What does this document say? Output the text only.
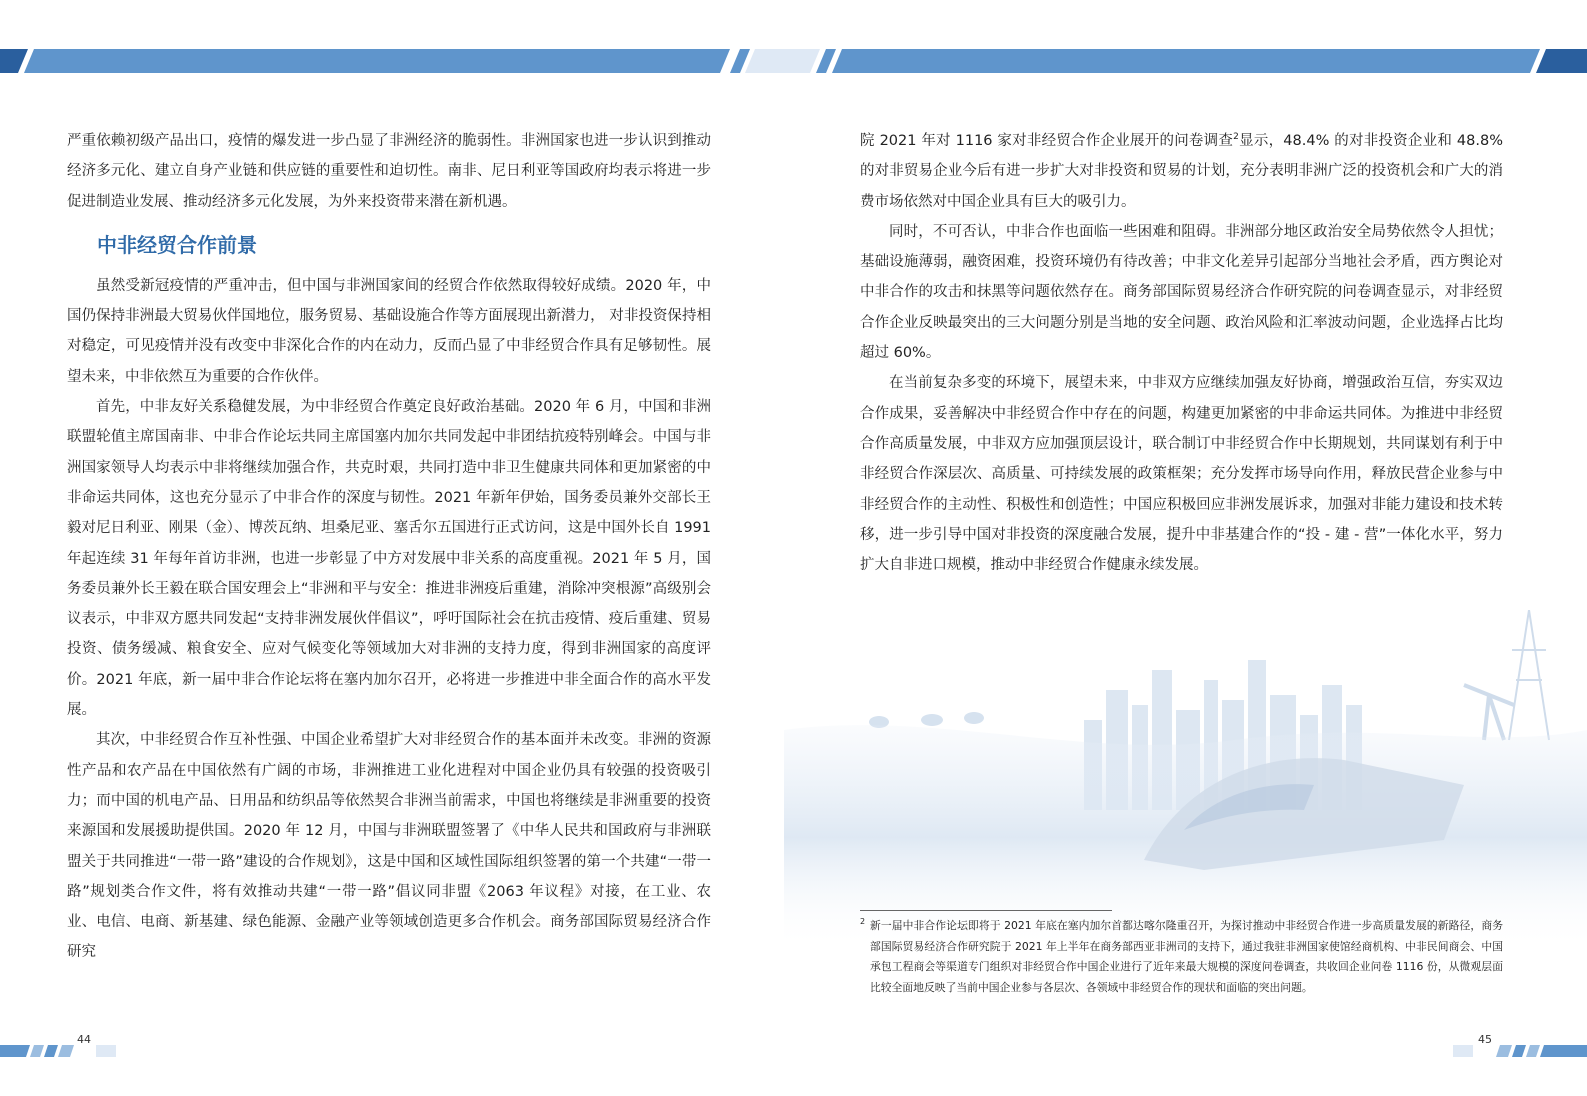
严重依赖初级产品出口，疫情的爆发进一步凸显了非洲经济的脆弱性。非洲国家也进一步认识到推动经济多元化、建立自身产业链和供应链的重要性和迫切性。南非、尼日利亚等国政府均表示将进一步促进制造业发展、推动经济多元化发展，为外来投资带来潜在新机遇。

中非经贸合作前景

虽然受新冠疫情的严重冲击，但中国与非洲国家间的经贸合作依然取得较好成绩。2020 年，中国仍保持非洲最大贸易伙伴国地位，服务贸易、基础设施合作等方面展现出新潜力， 对非投资保持相对稳定，可见疫情并没有改变中非深化合作的内在动力，反而凸显了中非经贸合作具有足够韧性。展望未来，中非依然互为重要的合作伙伴。

首先，中非友好关系稳健发展，为中非经贸合作奠定良好政治基础。2020 年 6 月，中国和非洲联盟轮值主席国南非、中非合作论坛共同主席国塞内加尔共同发起中非团结抗疫特别峰会。中国与非洲国家领导人均表示中非将继续加强合作，共克时艰，共同打造中非卫生健康共同体和更加紧密的中非命运共同体，这也充分显示了中非合作的深度与韧性。2021 年新年伊始，国务委员兼外交部长王毅对尼日利亚、刚果（金）、博茨瓦纳、坦桑尼亚、塞舌尔五国进行正式访问，这是中国外长自 1991 年起连续 31 年每年首访非洲，也进一步彰显了中方对发展中非关系的高度重视。2021 年 5 月，国务委员兼外长王毅在联合国安理会上“非洲和平与安全：推进非洲疫后重建，消除冲突根源”高级别会议表示，中非双方愿共同发起“支持非洲发展伙伴倡议”，呼吁国际社会在抗击疫情、疫后重建、贸易投资、债务缓减、粮食安全、应对气候变化等领域加大对非洲的支持力度，得到非洲国家的高度评价。2021 年底，新一届中非合作论坛将在塞内加尔召开，必将进一步推进中非全面合作的高水平发展。

其次，中非经贸合作互补性强、中国企业希望扩大对非经贸合作的基本面并未改变。非洲的资源性产品和农产品在中国依然有广阔的市场，非洲推进工业化进程对中国企业仍具有较强的投资吸引力；而中国的机电产品、日用品和纺织品等依然契合非洲当前需求，中国也将继续是非洲重要的投资来源国和发展援助提供国。2020 年 12 月，中国与非洲联盟签署了《中华人民共和国政府与非洲联盟关于共同推进“一带一路”建设的合作规划》，这是中国和区域性国际组织签署的第一个共建“一带一路”规划类合作文件，将有效推动共建“一带一路”倡议同非盟《2063 年议程》对接，在工业、农业、电信、电商、新基建、绿色能源、金融产业等领域创造更多合作机会。商务部国际贸易经济合作研究

院 2021 年对 1116 家对非经贸合作企业展开的问卷调查$^2$显示，48.4% 的对非投资企业和 48.8% 的对非贸易企业今后有进一步扩大对非投资和贸易的计划，充分表明非洲广泛的投资机会和广大的消费市场依然对中国企业具有巨大的吸引力。

同时，不可否认，中非合作也面临一些困难和阻碍。非洲部分地区政治安全局势依然令人担忧；基础设施薄弱，融资困难，投资环境仍有待改善；中非文化差异引起部分当地社会矛盾，西方舆论对中非合作的攻击和抹黑等问题依然存在。商务部国际贸易经济合作研究院的问卷调查显示，对非经贸合作企业反映最突出的三大问题分别是当地的安全问题、政治风险和汇率波动问题，企业选择占比均超过 60%。

在当前复杂多变的环境下，展望未来，中非双方应继续加强友好协商，增强政治互信，夯实双边合作成果，妥善解决中非经贸合作中存在的问题，构建更加紧密的中非命运共同体。为推进中非经贸合作高质量发展，中非双方应加强顶层设计，联合制订中非经贸合作中长期规划，共同谋划有利于中非经贸合作深层次、高质量、可持续发展的政策框架；充分发挥市场导向作用，释放民营企业参与中非经贸合作的主动性、积极性和创造性；中国应积极回应非洲发展诉求，加强对非能力建设和技术转移，进一步引导中国对非投资的深度融合发展，提升中非基建合作的“投 - 建 - 营”一体化水平，努力扩大自非进口规模，推动中非经贸合作健康永续发展。

2 新一届中非合作论坛即将于 2021 年底在塞内加尔首都达喀尔隆重召开，为探讨推动中非经贸合作进一步高质量发展的新路径，商务部国际贸易经济合作研究院于 2021 年上半年在商务部西亚非洲司的支持下，通过我驻非洲国家使馆经商机构、中非民间商会、中国承包工程商会等渠道专门组织对非经贸合作中国企业进行了近年来最大规模的深度问卷调查，共收回企业问卷 1116 份，从微观层面比较全面地反映了当前中国企业参与各层次、各领域中非经贸合作的现状和面临的突出问题。
44	45
